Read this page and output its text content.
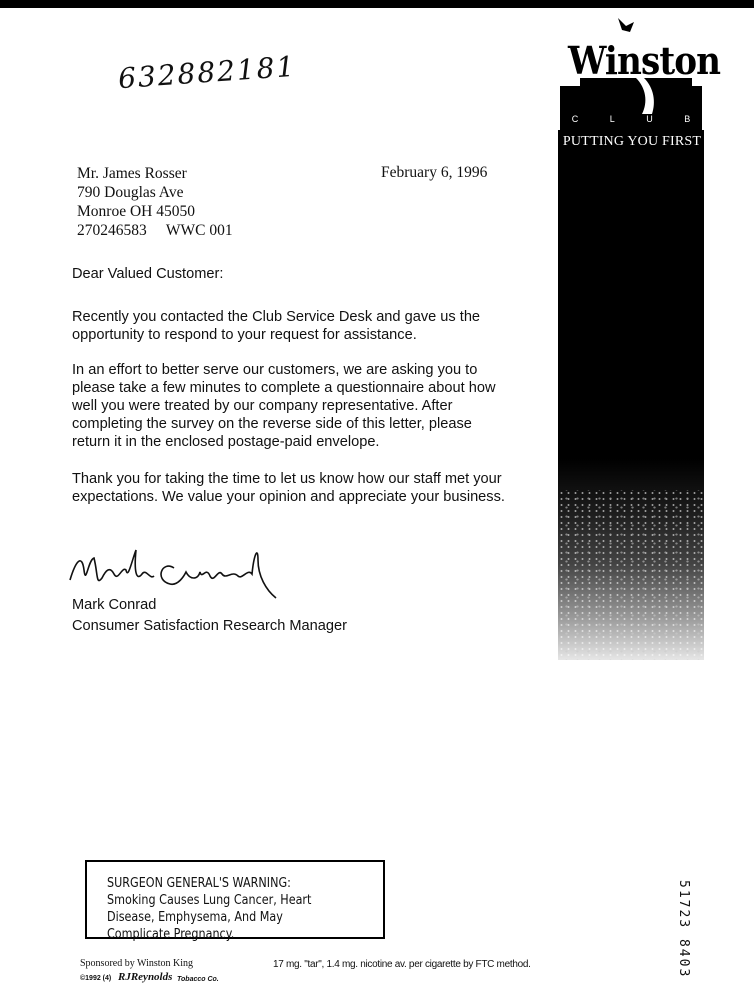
632882181
Mr. James Rosser
790 Douglas Ave
Monroe OH 45050
270246583     WWC 001
February 6, 1996
Dear Valued Customer:

Recently you contacted the Club Service Desk and gave us the opportunity to respond to your request for assistance.

In an effort to better serve our customers, we are asking you to please take a few minutes to complete a questionnaire about how well you were treated by our company representative. After completing the survey on the reverse side of this letter, please return it in the enclosed postage-paid envelope.

Thank you for taking the time to let us know how our staff met your expectations. We value your opinion and appreciate your business.

Mark Conrad
Consumer Satisfaction Research Manager
Winston
C	L	U	B
PUTTING YOU FIRST
SURGEON GENERAL'S WARNING: Smoking Causes Lung Cancer, Heart Disease, Emphysema, And May Complicate Pregnancy.	51723 8403
Sponsored by Winston King
©1992 (4) RJReynolds Tobacco Co.
17 mg. "tar", 1.4 mg. nicotine av. per cigarette by FTC method.
